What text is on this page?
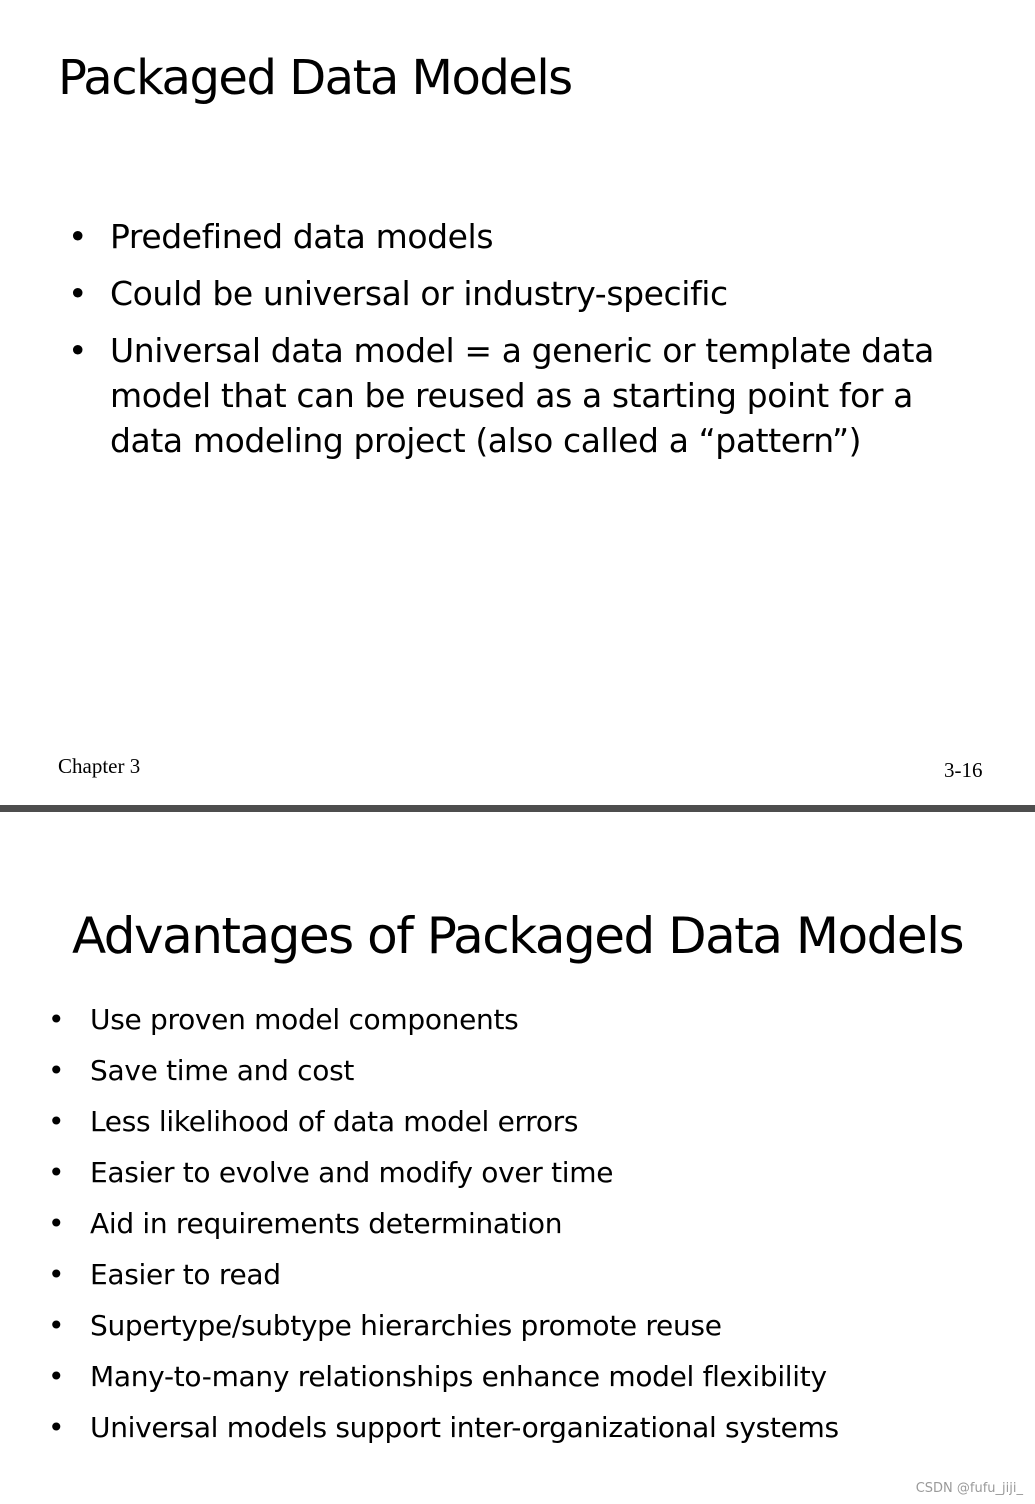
Packaged Data Models
• Predefined data models
• Could be universal or industry-specific
• Universal data model = a generic or template data model that can be reused as a starting point for a data modeling project (also called a “pattern”)
Chapter 3	3-16
Advantages of Packaged Data Models
• Use proven model components
• Save time and cost
• Less likelihood of data model errors
• Easier to evolve and modify over time
• Aid in requirements determination
• Easier to read
• Supertype/subtype hierarchies promote reuse
• Many-to-many relationships enhance model flexibility
• Universal models support inter-organizational systems
CSDN @fufu_jiji_
